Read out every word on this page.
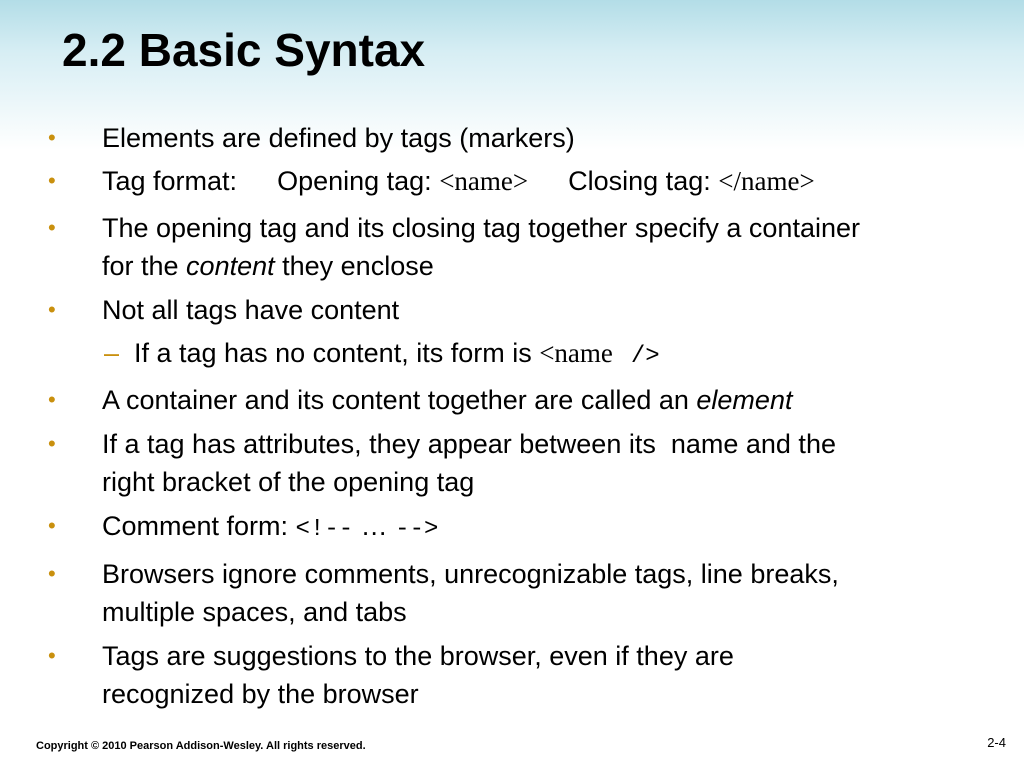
2.2 Basic Syntax
•	Elements are defined by tags (markers)
•	Tag format: Opening tag: <name> Closing tag: </name>
•	The opening tag and its closing tag together specify a container
for the content they enclose
•	Not all tags have content
– If a tag has no content, its form is <name />
•	A container and its content together are called an element
•	If a tag has attributes, they appear between its  name and the
right bracket of the opening tag
•	Comment form: <!-- … -->
•	Browsers ignore comments, unrecognizable tags, line breaks,
multiple spaces, and tabs
•	Tags are suggestions to the browser, even if they are
recognized by the browser
Copyright © 2010 Pearson Addison-Wesley. All rights reserved.	2-4
